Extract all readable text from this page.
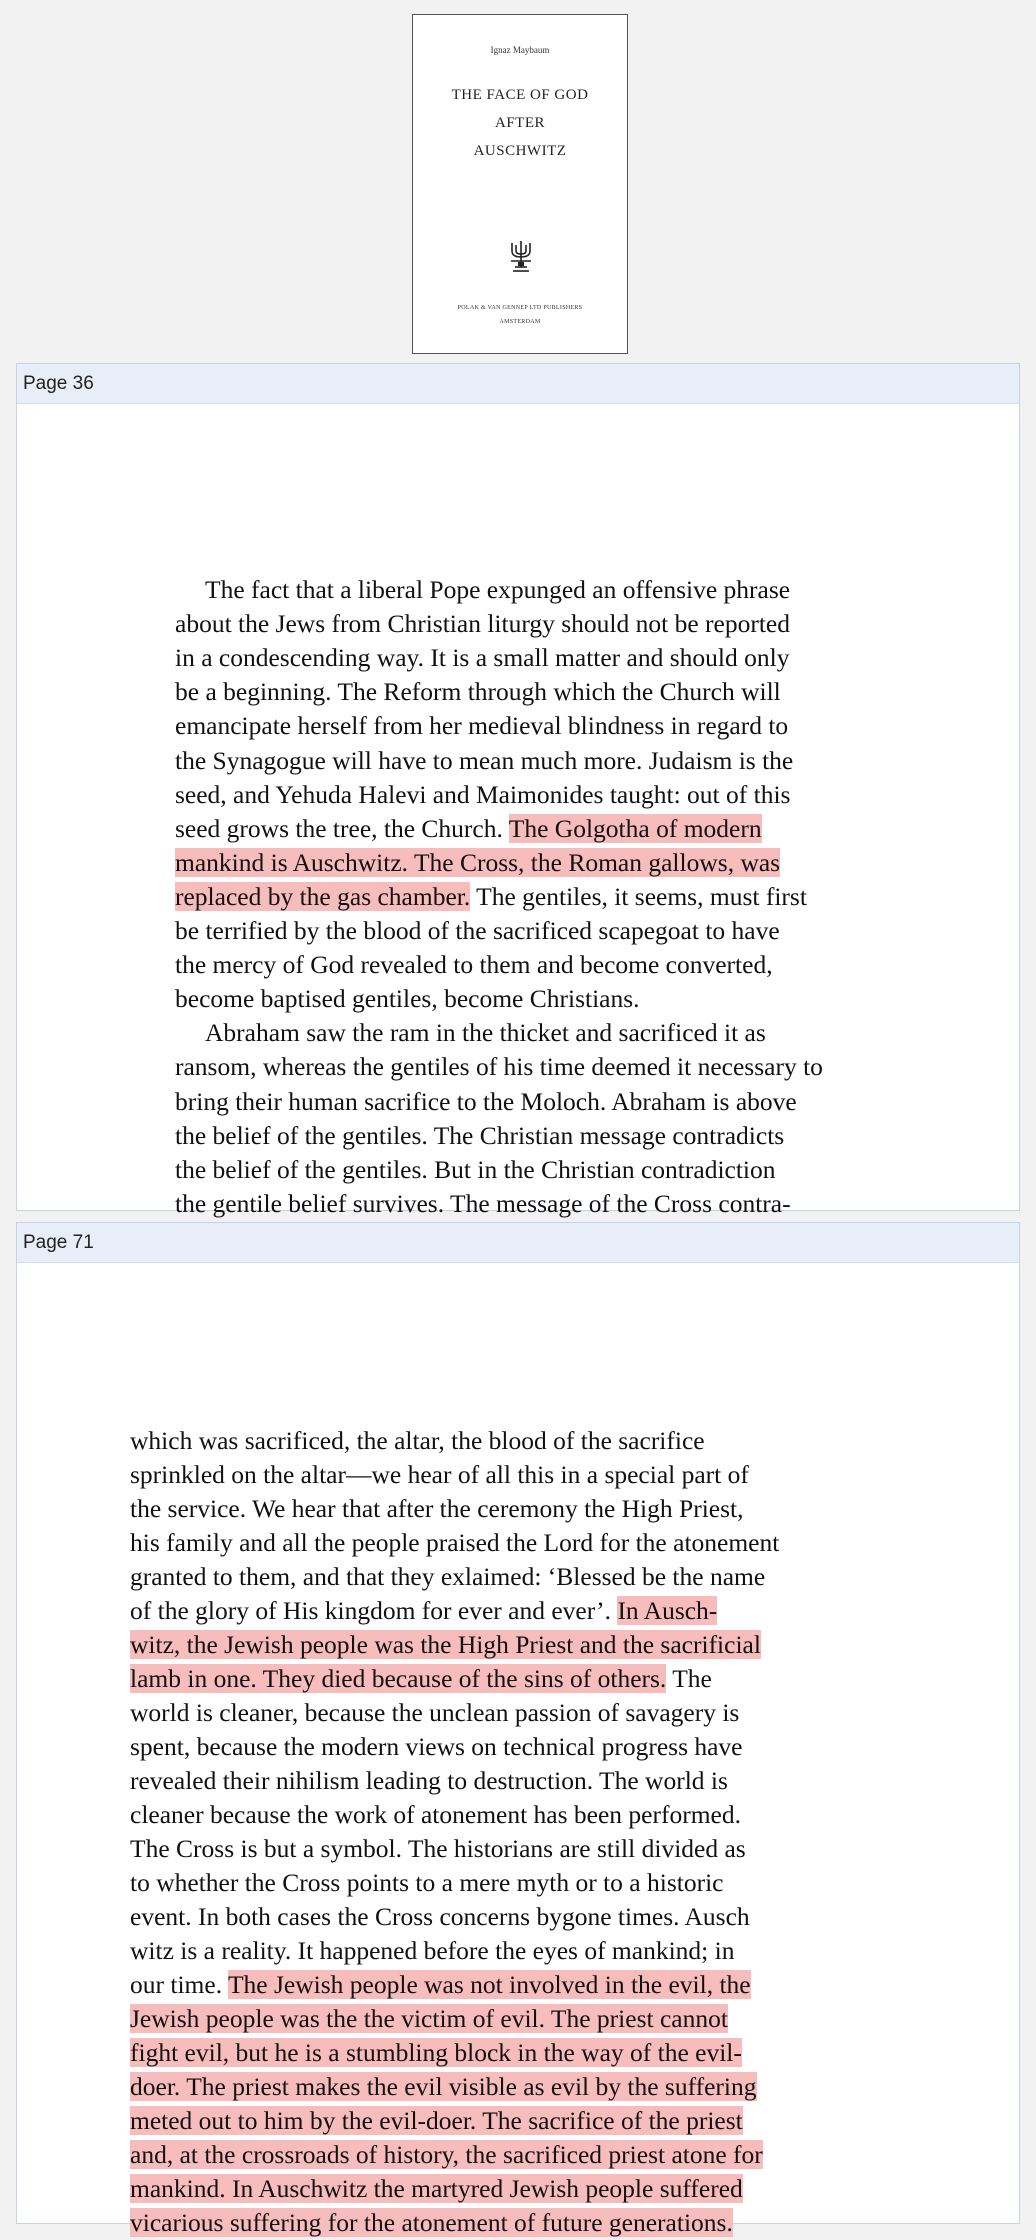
Ignaz Maybaum
THE FACE OF GOD
AFTER
AUSCHWITZ
POLAK & VAN GENNEP LTD PUBLISHERS
AMSTERDAM
Page 36
The fact that a liberal Pope expunged an offensive phrase
about the Jews from Christian liturgy should not be reported
in a condescending way. It is a small matter and should only
be a beginning. The Reform through which the Church will
emancipate herself from her medieval blindness in regard to
the Synagogue will have to mean much more. Judaism is the
seed, and Yehuda Halevi and Maimonides taught: out of this
seed grows the tree, the Church. The Golgotha of modern
mankind is Auschwitz. The Cross, the Roman gallows, was
replaced by the gas chamber. The gentiles, it seems, must first
be terrified by the blood of the sacrificed scapegoat to have
the mercy of God revealed to them and become converted,
become baptised gentiles, become Christians.
Abraham saw the ram in the thicket and sacrificed it as
ransom, whereas the gentiles of his time deemed it necessary to
bring their human sacrifice to the Moloch. Abraham is above
the belief of the gentiles. The Christian message contradicts
the belief of the gentiles. But in the Christian contradiction
the gentile belief survives. The message of the Cross contra-
Page 71
which was sacrificed, the altar, the blood of the sacrifice
sprinkled on the altar—we hear of all this in a special part of
the service. We hear that after the ceremony the High Priest,
his family and all the people praised the Lord for the atonement
granted to them, and that they exlaimed: ‘Blessed be the name
of the glory of His kingdom for ever and ever’. In Ausch-
witz, the Jewish people was the High Priest and the sacrificial
lamb in one. They died because of the sins of others. The
world is cleaner, because the unclean passion of savagery is
spent, because the modern views on technical progress have
revealed their nihilism leading to destruction. The world is
cleaner because the work of atonement has been performed.
The Cross is but a symbol. The historians are still divided as
to whether the Cross points to a mere myth or to a historic
event. In both cases the Cross concerns bygone times. Ausch
witz is a reality. It happened before the eyes of mankind; in
our time. The Jewish people was not involved in the evil, the
Jewish people was the the victim of evil. The priest cannot
fight evil, but he is a stumbling block in the way of the evil-
doer. The priest makes the evil visible as evil by the suffering
meted out to him by the evil-doer. The sacrifice of the priest
and, at the crossroads of history, the sacrificed priest atone for
mankind. In Auschwitz the martyred Jewish people suffered
vicarious suffering for the atonement of future generations.
